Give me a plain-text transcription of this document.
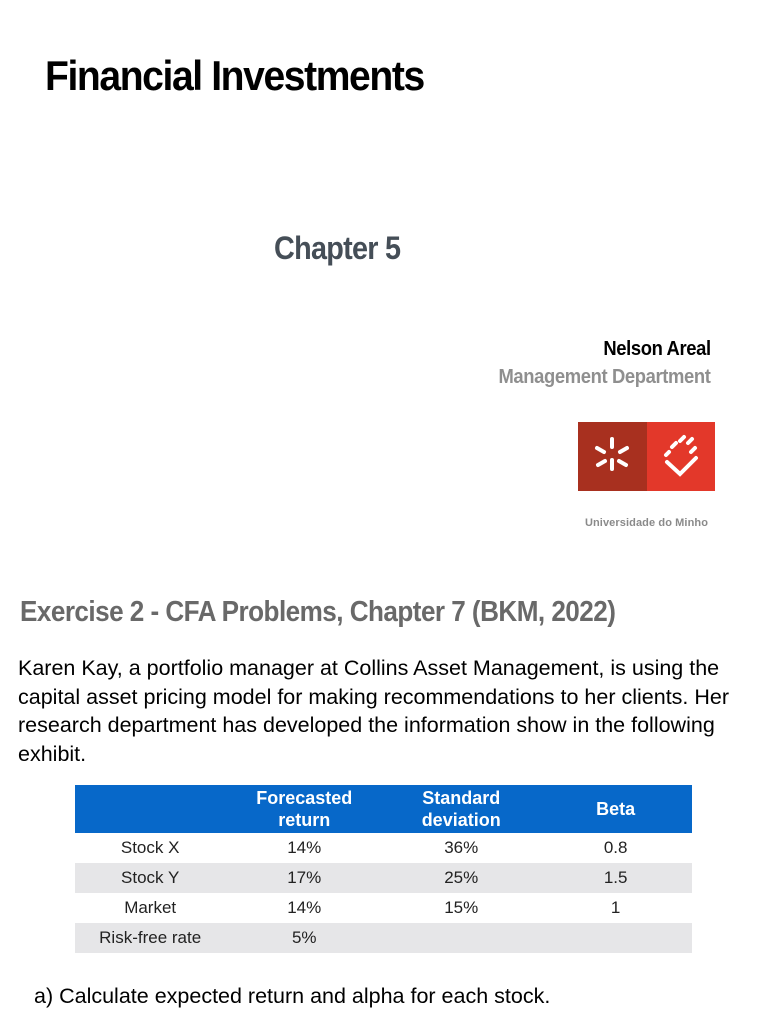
Financial Investments
Chapter 5
Nelson Areal
Management Department
Universidade do Minho
Exercise 2 - CFA Problems, Chapter 7 (BKM, 2022)

Karen Kay, a portfolio manager at Collins Asset Management, is using the capital asset pricing model for making recommendations to her clients. Her research department has developed the information show in the following exhibit.

	Forecasted return	Standard deviation	Beta
Stock X	14%	36%	0.8
Stock Y	17%	25%	1.5
Market	14%	15%	1
Risk-free rate	5%		

a) Calculate expected return and alpha for each stock.
